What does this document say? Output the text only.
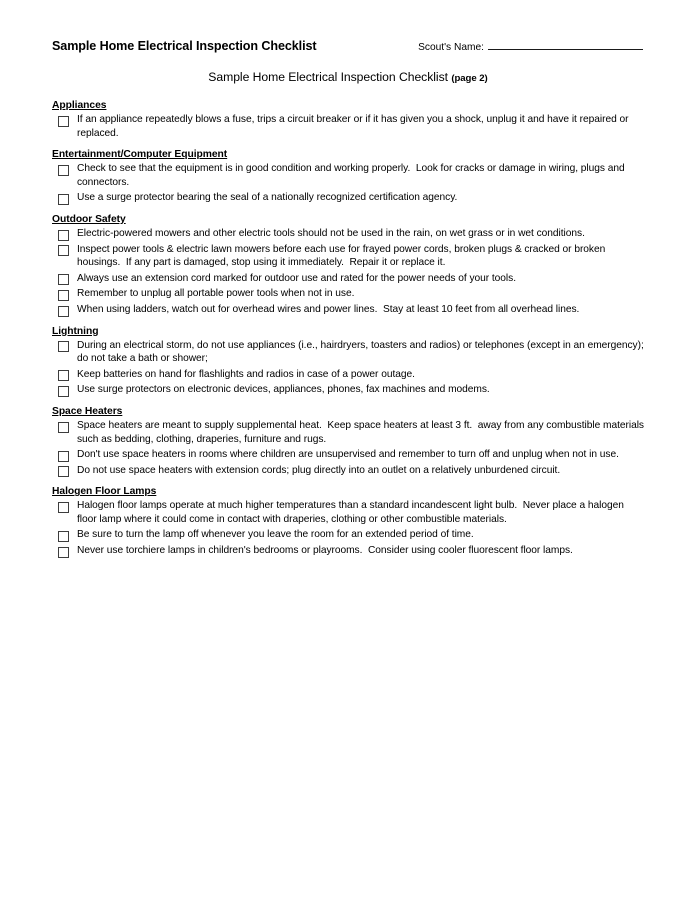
Sample Home Electrical Inspection Checklist	Scout's Name:
Sample Home Electrical Inspection Checklist (page 2)
Appliances
If an appliance repeatedly blows a fuse, trips a circuit breaker or if it has given you a shock, unplug it and have it repaired or replaced.
Entertainment/Computer Equipment
Check to see that the equipment is in good condition and working properly.  Look for cracks or damage in wiring, plugs and connectors.
Use a surge protector bearing the seal of a nationally recognized certification agency.
Outdoor Safety
Electric-powered mowers and other electric tools should not be used in the rain, on wet grass or in wet conditions.
Inspect power tools & electric lawn mowers before each use for frayed power cords, broken plugs & cracked or broken housings.  If any part is damaged, stop using it immediately.  Repair it or replace it.
Always use an extension cord marked for outdoor use and rated for the power needs of your tools.
Remember to unplug all portable power tools when not in use.
When using ladders, watch out for overhead wires and power lines.  Stay at least 10 feet from all overhead lines.
Lightning
During an electrical storm, do not use appliances (i.e., hairdryers, toasters and radios) or telephones (except in an emergency); do not take a bath or shower;
Keep batteries on hand for flashlights and radios in case of a power outage.
Use surge protectors on electronic devices, appliances, phones, fax machines and modems.
Space Heaters
Space heaters are meant to supply supplemental heat.  Keep space heaters at least 3 ft.  away from any combustible materials such as bedding, clothing, draperies, furniture and rugs.
Don't use space heaters in rooms where children are unsupervised and remember to turn off and unplug when not in use.
Do not use space heaters with extension cords; plug directly into an outlet on a relatively unburdened circuit.
Halogen Floor Lamps
Halogen floor lamps operate at much higher temperatures than a standard incandescent light bulb.  Never place a halogen floor lamp where it could come in contact with draperies, clothing or other combustible materials.
Be sure to turn the lamp off whenever you leave the room for an extended period of time.
Never use torchiere lamps in children's bedrooms or playrooms.  Consider using cooler fluorescent floor lamps.
